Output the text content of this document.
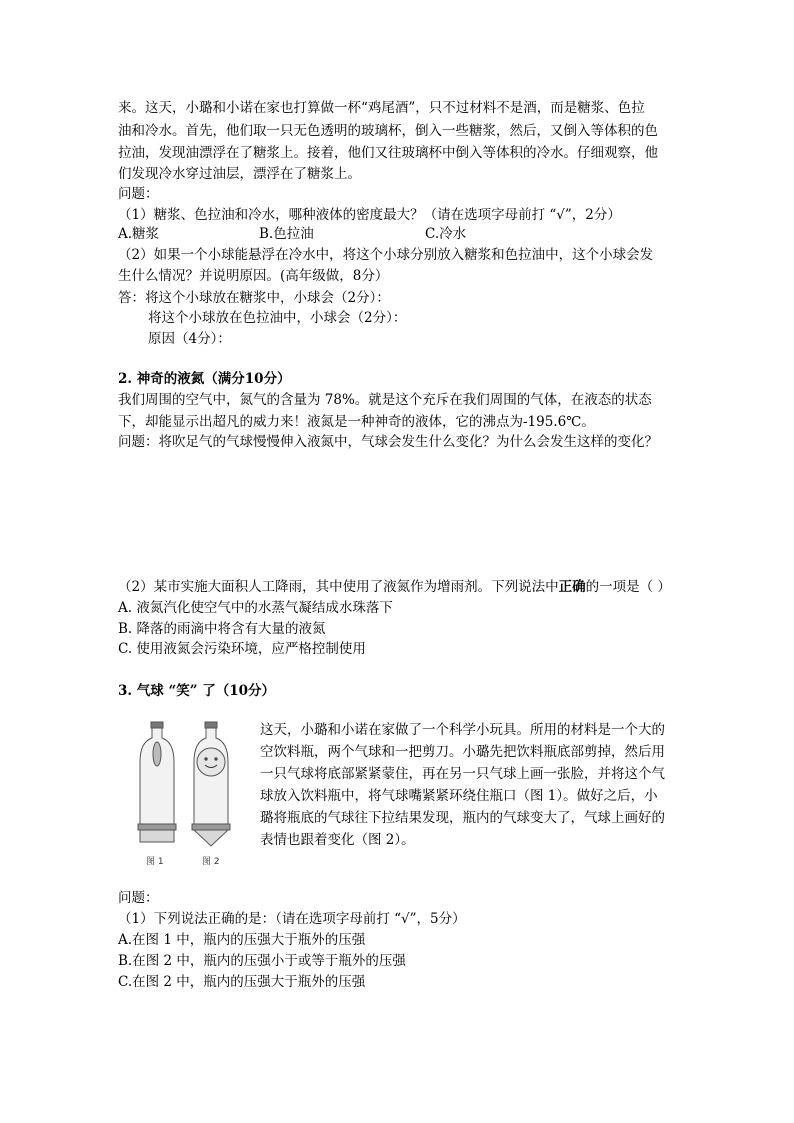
来。这天，小璐和小诺在家也打算做一杯“鸡尾酒”，只不过材料不是酒，而是糖浆、色拉
油和冷水。首先，他们取一只无色透明的玻璃杯，倒入一些糖浆，然后，又倒入等体积的色
拉油，发现油漂浮在了糖浆上。接着，他们又往玻璃杯中倒入等体积的冷水。仔细观察，他
们发现冷水穿过油层，漂浮在了糖浆上。
问题：
（1）糖浆、色拉油和冷水，哪种液体的密度最大？（请在选项字母前打 “√”，2分）
A.糖浆	B.色拉油	C.冷水
（2）如果一个小球能悬浮在冷水中，将这个小球分别放入糖浆和色拉油中，这个小球会发
生什么情况？并说明原因。(高年级做，8分）
答：将这个小球放在糖浆中，小球会（2分）：
将这个小球放在色拉油中，小球会（2分）：
原因（4分）：
2. 神奇的液氮（满分10分）
我们周围的空气中，氮气的含量为 78%。就是这个充斥在我们周围的气体，在液态的状态
下，却能显示出超凡的威力来！液氮是一种神奇的液体，它的沸点为-195.6℃。
问题：将吹足气的气球慢慢伸入液氮中，气球会发生什么变化？为什么会发生这样的变化？
（2）某市实施大面积人工降雨，其中使用了液氮作为增雨剂。下列说法中正确的一项是（ ）
A. 液氮汽化使空气中的水蒸气凝结成水珠落下
B. 降落的雨滴中将含有大量的液氮
C. 使用液氮会污染环境，应严格控制使用
3. 气球 “笑” 了（10分）
图 1	图 2
这天，小璐和小诺在家做了一个科学小玩具。所用的材料是一个大的
空饮料瓶，两个气球和一把剪刀。小璐先把饮料瓶底部剪掉，然后用
一只气球将底部紧紧蒙住，再在另一只气球上画一张脸，并将这个气
球放入饮料瓶中，将气球嘴紧紧环绕住瓶口（图 1）。做好之后，小
璐将瓶底的气球往下拉结果发现，瓶内的气球变大了，气球上画好的
表情也跟着变化（图 2）。
问题：
（1）下列说法正确的是：（请在选项字母前打 “√”，5分）
A.在图 1 中，瓶内的压强大于瓶外的压强
B.在图 2 中，瓶内的压强小于或等于瓶外的压强
C.在图 2 中，瓶内的压强大于瓶外的压强
